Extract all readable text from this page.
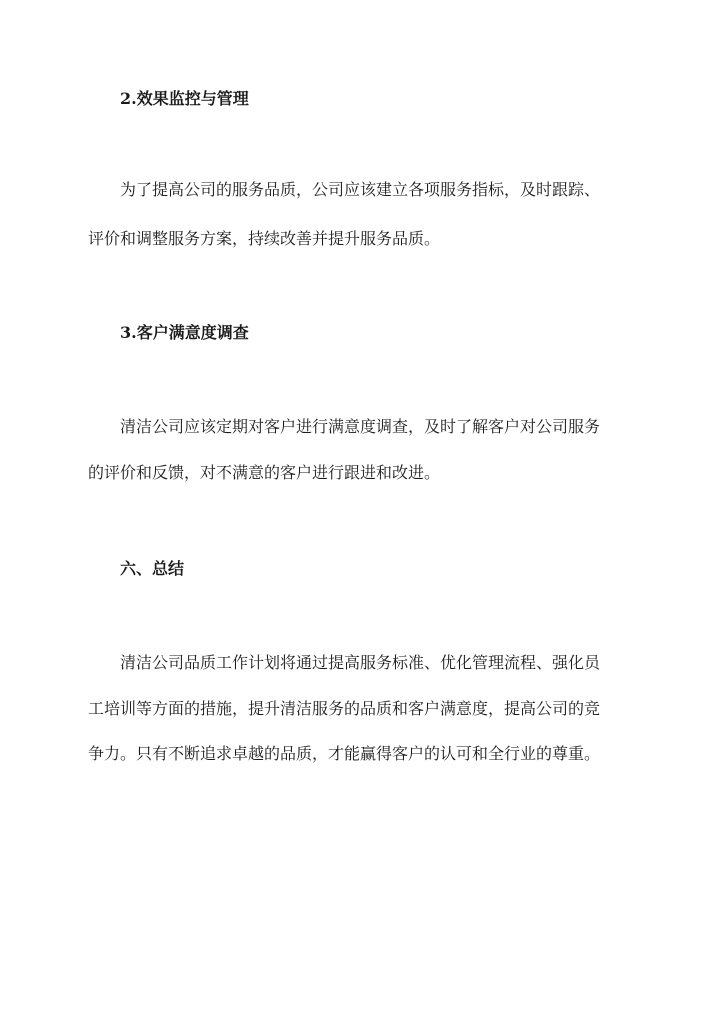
2.效果监控与管理

为了提高公司的服务品质，公司应该建立各项服务指标，及时跟踪、

评价和调整服务方案，持续改善并提升服务品质。

3.客户满意度调查

清洁公司应该定期对客户进行满意度调查，及时了解客户对公司服务

的评价和反馈，对不满意的客户进行跟进和改进。

六、总结

清洁公司品质工作计划将通过提高服务标准、优化管理流程、强化员

工培训等方面的措施，提升清洁服务的品质和客户满意度，提高公司的竞

争力。只有不断追求卓越的品质，才能赢得客户的认可和全行业的尊重。
